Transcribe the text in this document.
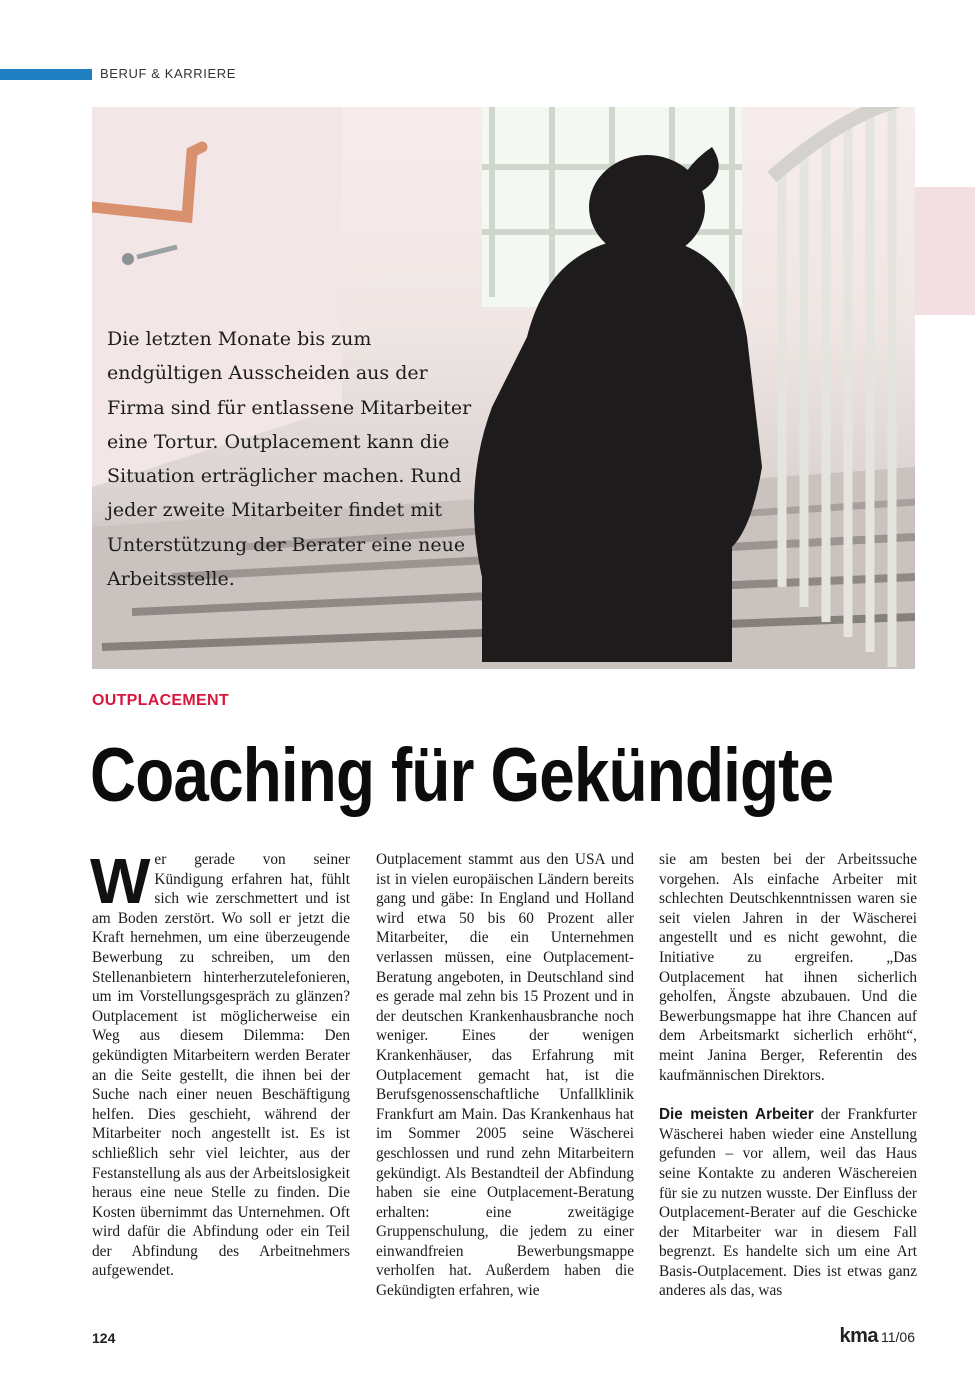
BERUF & KARRIERE

Die letzten Monate bis zum endgültigen Ausscheiden aus der Firma sind für entlassene Mitarbeiter eine Tortur. Outplacement kann die Situation erträglicher machen. Rund jeder zweite Mitarbeiter findet mit Unterstützung der Berater eine neue Arbeitsstelle.

OUTPLACEMENT
Coaching für Gekündigte

Wer gerade von seiner Kündigung erfahren hat, fühlt sich wie zerschmettert und ist am Boden zerstört. Wo soll er jetzt die Kraft hernehmen, um eine überzeugende Bewerbung zu schreiben, um den Stellenanbietern hinterherzutelefonieren, um im Vorstellungsgespräch zu glänzen? Outplacement ist möglicherweise ein Weg aus diesem Dilemma: Den gekündigten Mitarbeitern werden Berater an die Seite gestellt, die ihnen bei der Suche nach einer neuen Beschäftigung helfen. Dies geschieht, während der Mitarbeiter noch angestellt ist. Es ist schließlich sehr viel leichter, aus der Festanstellung als aus der Arbeitslosigkeit heraus eine neue Stelle zu finden. Die Kosten übernimmt das Unternehmen. Oft wird dafür die Abfindung oder ein Teil der Abfindung des Arbeitnehmers aufgewendet.

Outplacement stammt aus den USA und ist in vielen europäischen Ländern bereits gang und gäbe: In England und Holland wird etwa 50 bis 60 Prozent aller Mitarbeiter, die ein Unternehmen verlassen müssen, eine Outplacement-Beratung angeboten, in Deutschland sind es gerade mal zehn bis 15 Prozent und in der deutschen Krankenhausbranche noch weniger. Eines der wenigen Krankenhäuser, das Erfahrung mit Outplacement gemacht hat, ist die Berufsgenossenschaftliche Unfallklinik Frankfurt am Main. Das Krankenhaus hat im Sommer 2005 seine Wäscherei geschlossen und rund zehn Mitarbeitern gekündigt. Als Bestandteil der Abfindung haben sie eine Outplacement-Beratung erhalten: eine zweitägige Gruppenschulung, die jedem zu einer einwandfreien Bewerbungsmappe verholfen hat. Außerdem haben die Gekündigten erfahren, wie

sie am besten bei der Arbeitssuche vorgehen. Als einfache Arbeiter mit schlechten Deutschkenntnissen waren sie seit vielen Jahren in der Wäscherei angestellt und es nicht gewohnt, die Initiative zu ergreifen. „Das Outplacement hat ihnen sicherlich geholfen, Ängste abzubauen. Und die Bewerbungsmappe hat ihre Chancen auf dem Arbeitsmarkt sicherlich erhöht“, meint Janina Berger, Referentin des kaufmännischen Direktors.

Die meisten Arbeiter der Frankfurter Wäscherei haben wieder eine Anstellung gefunden – vor allem, weil das Haus seine Kontakte zu anderen Wäschereien für sie zu nutzen wusste. Der Einfluss der Outplacement-Berater auf die Geschicke der Mitarbeiter war in diesem Fall begrenzt. Es handelte sich um eine Art Basis-Outplacement. Dies ist etwas ganz anderes als das, was

124	kma 11/06
